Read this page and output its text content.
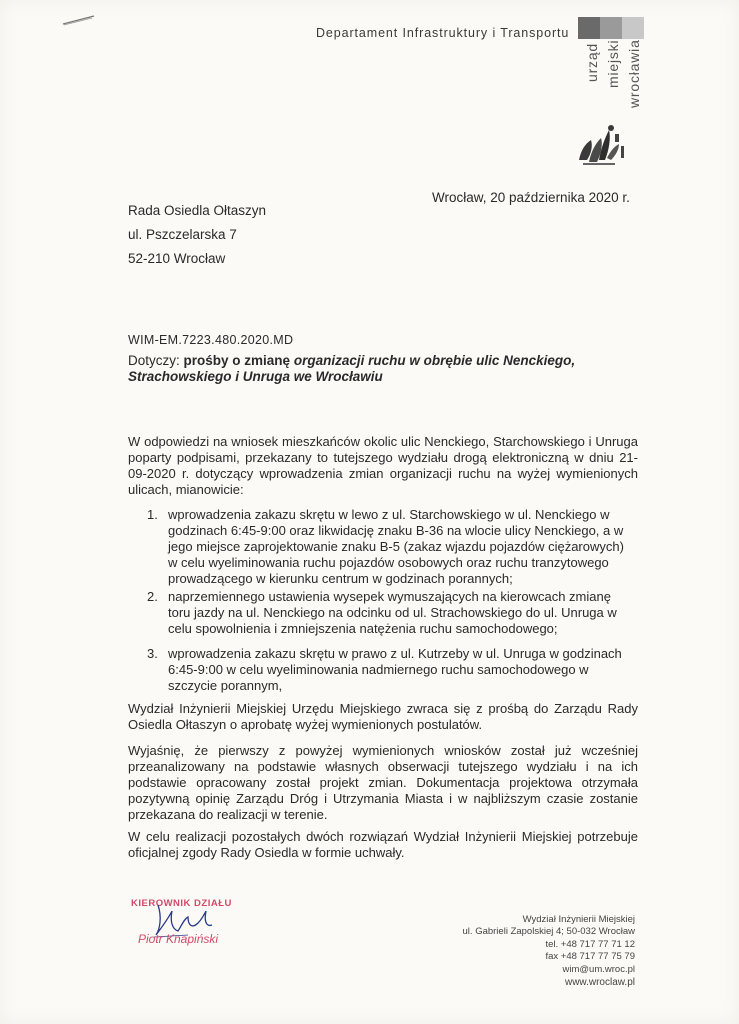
Departament Infrastruktury i Transportu
urząd miejski wrocławia
Wrocław, 20 października 2020 r.
Rada Osiedla Ołtaszyn
ul. Pszczelarska 7
52-210 Wrocław
WIM-EM.7223.480.2020.MD
Dotyczy: prośby o zmianę organizacji ruchu w obrębie ulic Nenckiego,
Strachowskiego i Unruga we Wrocławiu
W odpowiedzi na wniosek mieszkańców okolic ulic Nenckiego, Starchowskiego i Unruga poparty podpisami, przekazany to tutejszego wydziału drogą elektroniczną w dniu 21-09-2020 r. dotyczący wprowadzenia zmian organizacji ruchu na wyżej wymienionych ulicach, mianowicie:
1. wprowadzenia zakazu skrętu w lewo z ul. Starchowskiego w ul. Nenckiego w godzinach 6:45-9:00 oraz likwidację znaku B-36 na wlocie ulicy Nenckiego, a w jego miejsce zaprojektowanie znaku B-5 (zakaz wjazdu pojazdów ciężarowych) w celu wyeliminowania ruchu pojazdów osobowych oraz ruchu tranzytowego prowadzącego w kierunku centrum w godzinach porannych;
2. naprzemiennego ustawienia wysepek wymuszających na kierowcach zmianę toru jazdy na ul. Nenckiego na odcinku od ul. Strachowskiego do ul. Unruga w celu spowolnienia i zmniejszenia natężenia ruchu samochodowego;
3. wprowadzenia zakazu skrętu w prawo z ul. Kutrzeby w ul. Unruga w godzinach 6:45-9:00 w celu wyeliminowania nadmiernego ruchu samochodowego w szczycie porannym,
Wydział Inżynierii Miejskiej Urzędu Miejskiego zwraca się z prośbą do Zarządu Rady Osiedla Ołtaszyn o aprobatę wyżej wymienionych postulatów.
Wyjaśnię, że pierwszy z powyżej wymienionych wniosków został już wcześniej przeanalizowany na podstawie własnych obserwacji tutejszego wydziału i na ich podstawie opracowany został projekt zmian. Dokumentacja projektowa otrzymała pozytywną opinię Zarządu Dróg i Utrzymania Miasta i w najbliższym czasie zostanie przekazana do realizacji w terenie.
W celu realizacji pozostałych dwóch rozwiązań Wydział Inżynierii Miejskiej potrzebuje oficjalnej zgody Rady Osiedla w formie uchwały.
KIEROWNIK DZIAŁU
Piotr Knapiński
Wydział Inżynierii Miejskiej
ul. Gabrieli Zapolskiej 4; 50-032 Wrocław
tel. +48 717 77 71 12
fax +48 717 77 75 79
wim@um.wroc.pl
www.wroclaw.pl
